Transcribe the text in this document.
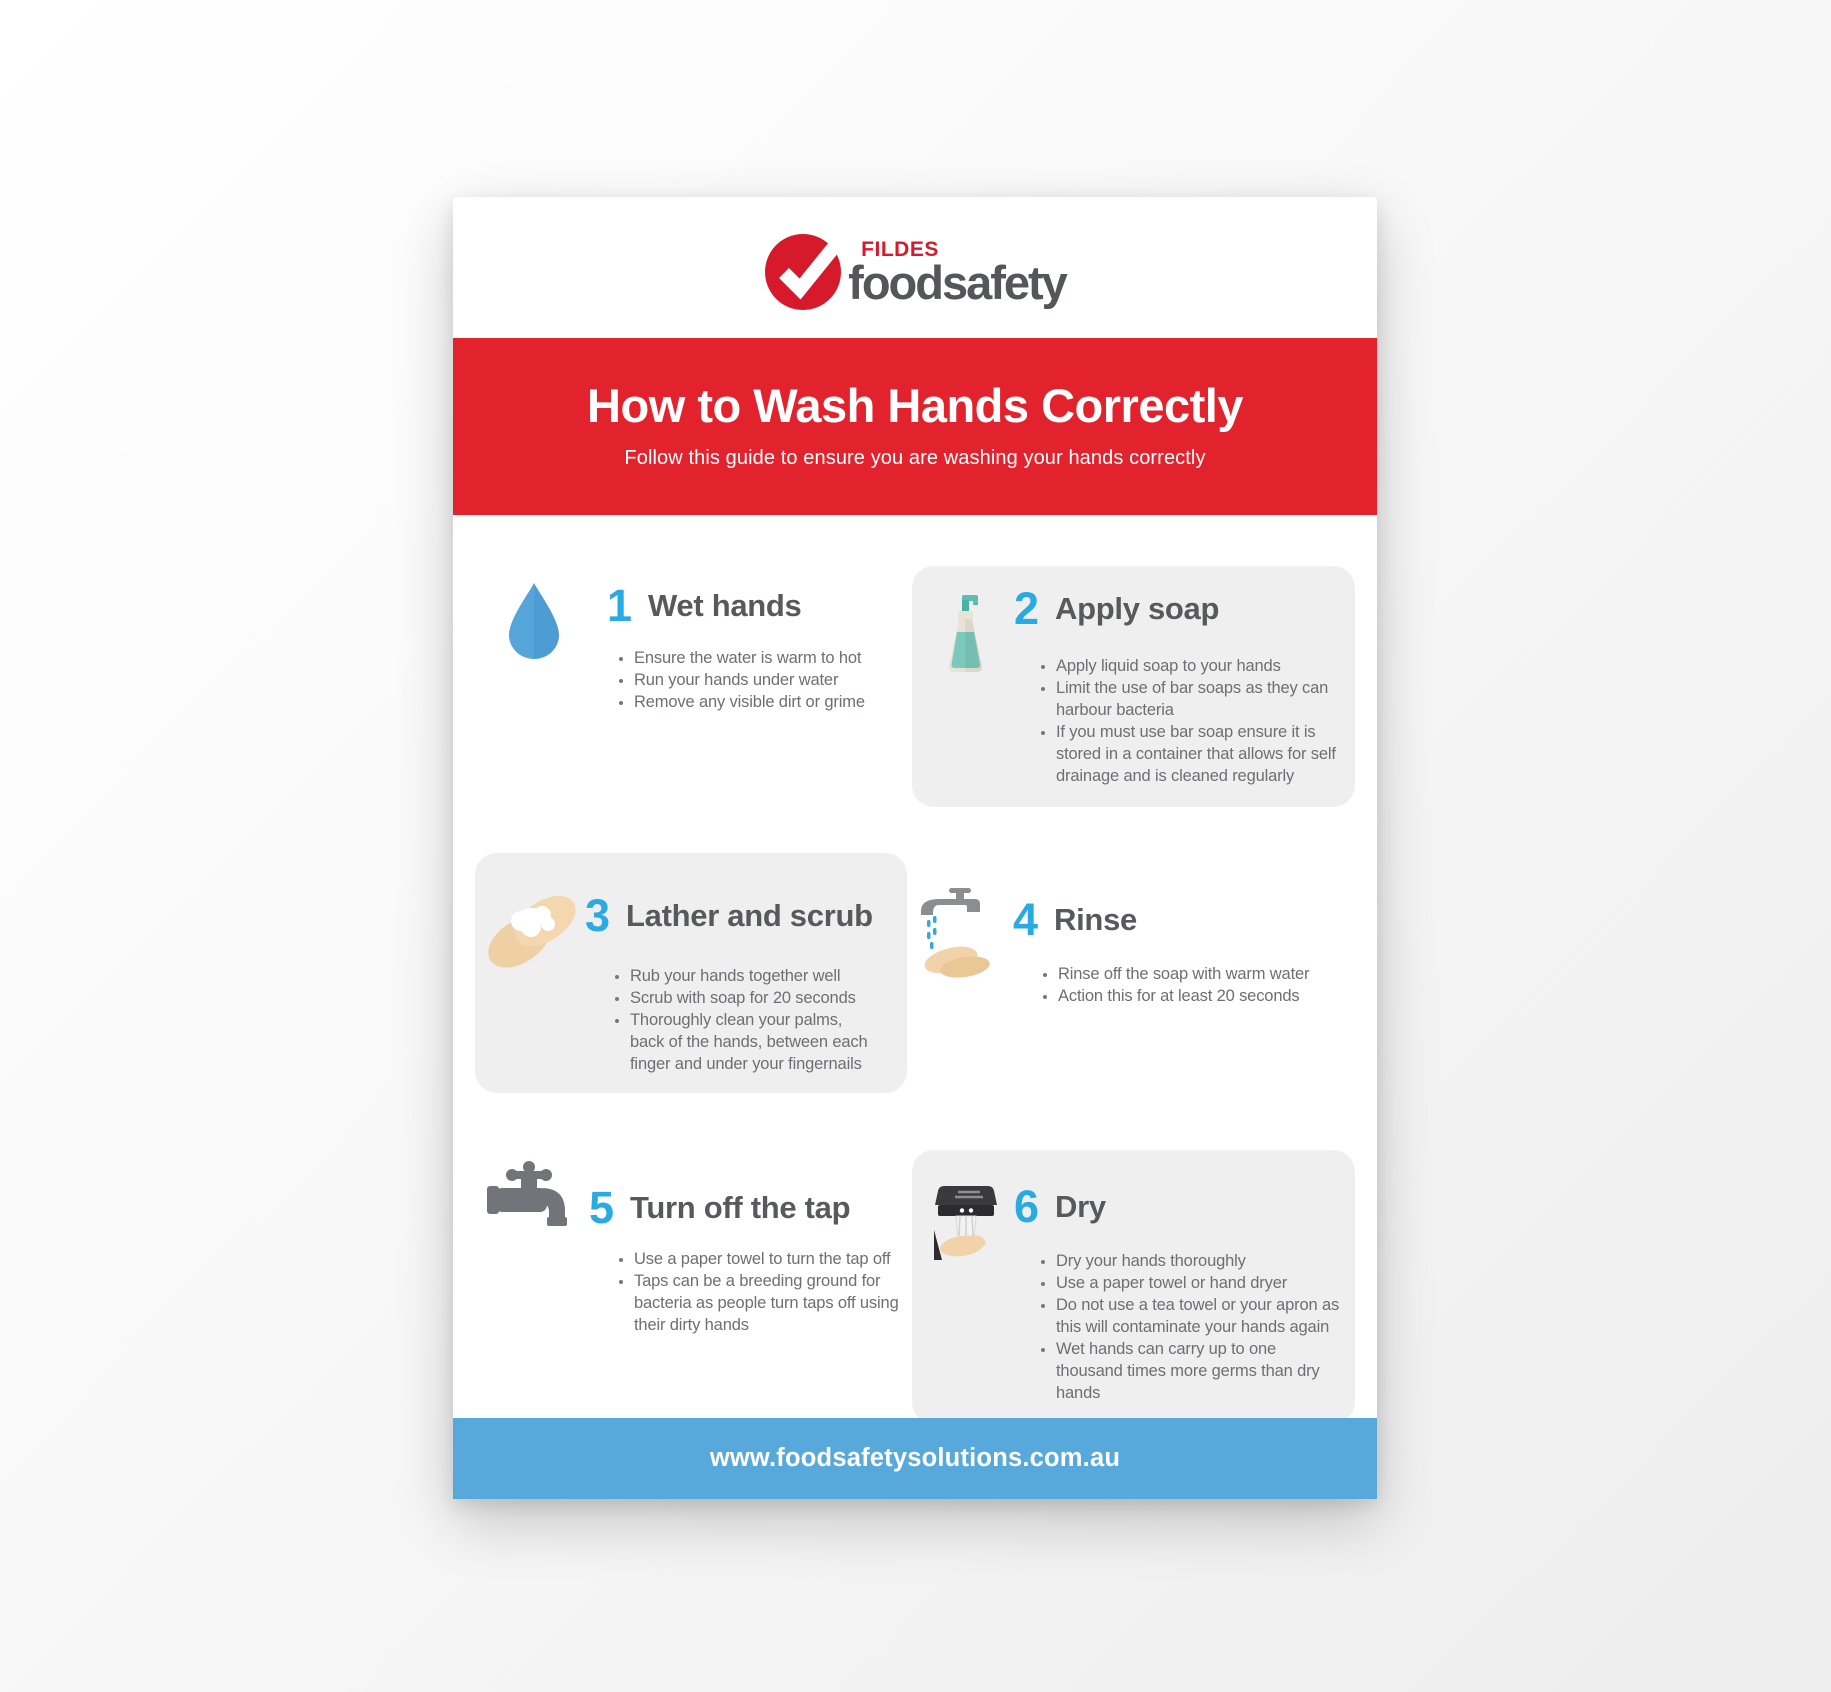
FILDES
foodsafety
How to Wash Hands Correctly
Follow this guide to ensure you are washing your hands correctly
1 Wet hands
• Ensure the water is warm to hot
• Run your hands under water
• Remove any visible dirt or grime
2 Apply soap
• Apply liquid soap to your hands
• Limit the use of bar soaps as they can harbour bacteria
• If you must use bar soap ensure it is stored in a container that allows for self drainage and is cleaned regularly
3 Lather and scrub
• Rub your hands together well
• Scrub with soap for 20 seconds
• Thoroughly clean your palms, back of the hands, between each finger and under your fingernails
4 Rinse
• Rinse off the soap with warm water
• Action this for at least 20 seconds
5 Turn off the tap
• Use a paper towel to turn the tap off
• Taps can be a breeding ground for bacteria as people turn taps off using their dirty hands
6 Dry
• Dry your hands thoroughly
• Use a paper towel or hand dryer
• Do not use a tea towel or your apron as this will contaminate your hands again
• Wet hands can carry up to one thousand times more germs than dry hands
www.foodsafetysolutions.com.au
